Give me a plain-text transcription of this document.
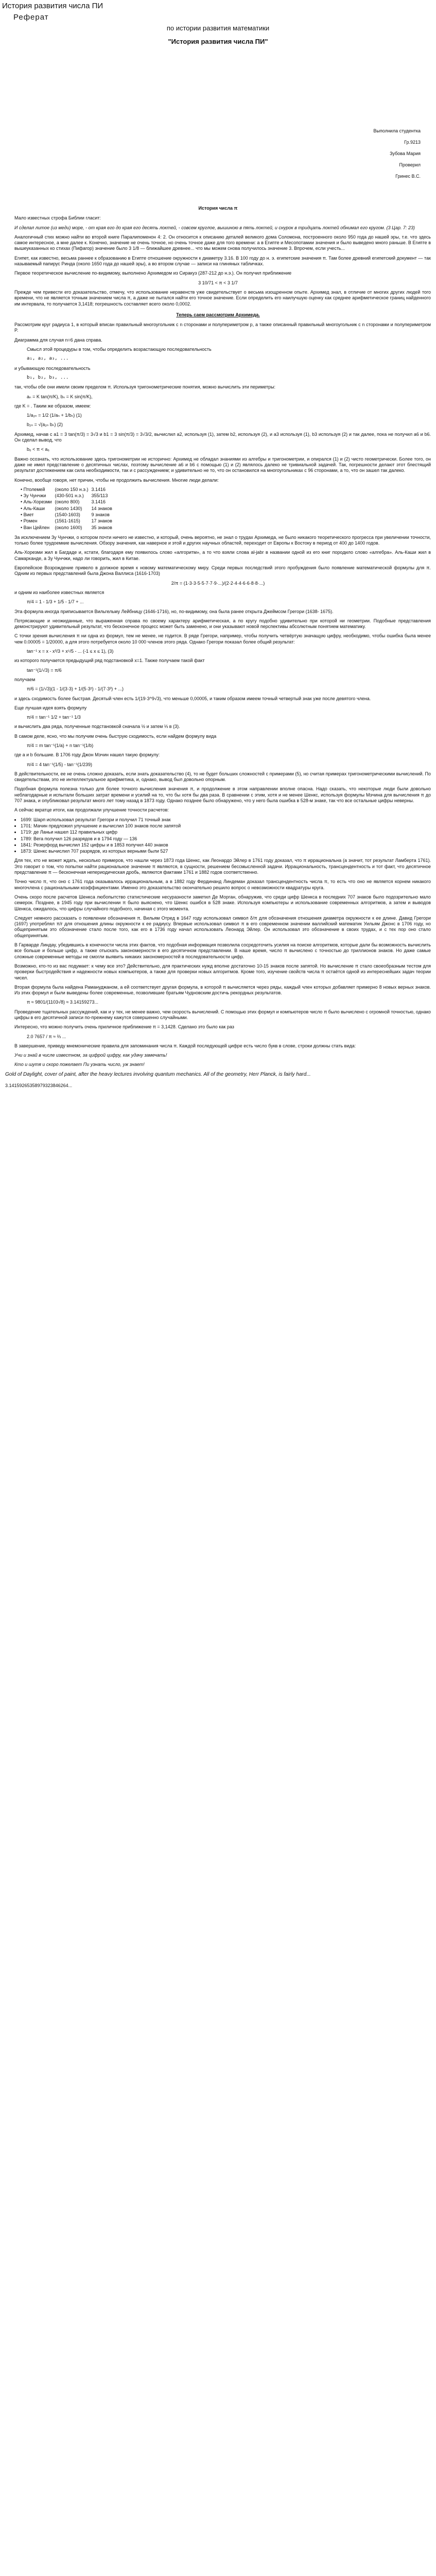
История развития числа ПИ
Реферат
по истории развития математики
"История развития числа ПИ"
Выполнила студентка
Гр.9213
Зубова Мария
Проверил
Гринес В.С.
История числа π

Мало известных строфа Библии гласит:

И сделал литое (из меди) море, - от края его до края его десять локтей, - совсем круглое, вышиною в пять локтей, и снурок в тридцать локтей обнимал его кругом. (3 Цар. 7: 23)

Аналогичный стих можно найти во второй книге Паралипоменон 4: 2. Он относится к описанию деталей великого дома Соломона, построенного около 950 года до нашей эры, т.е. что здесь самое интересное, а мне далее к. Конечно, значение не очень точное, но очень точное даже для того времени: а в Египте и Месопотамии значения и было выведено много раньше. В Египте в вышеуказанных ко стихах (Пифагор) значение было 3 1/8 — ближайшее древнее... что мы можем снова получилось значение 3. Впрочем, если учесть...

Египет, как известно, весьма раннее к образованию в Египте отношение окружности к диаметру 3.16. В 100 году до н. э. египетские значения π. Там более древний египетский документ — так называемый папирус Ринда (около 1650 года до нашей эры), а во втором случае — записи на глиняных табличках.

Первое теоретическое вычисление по-видимому, выполнено Архимедом из Сиракуз (287-212 до н.э.). Он получил приближение

3 10/71 < π < 3 1/7

Прежде чем привести его доказательство, отмечу, что использование неравенств уже свидетельствует о весьма изощренном опыте. Архимед знал, в отличие от многих других людей того времени, что не является точным значением числа π, а даже не пытался найти его точное значение. Если определить его наилучшую оценку как среднее арифметическое границ найденного им интервала, то получается 3,1418; погрешность составляет всего около 0,0002.

Теперь саем рассмотрим Архимеда.

Рассмотрим круг радиуса 1, в который вписан правильный многоугольник с n сторонами и полупериметром p, а также описанный правильный многоугольник с n сторонами и полупериметром P.

Диаграмма для случая n=6 дана справа.

Смысл этой процедуры в том, чтобы определить возрастающую последовательность

a₁, a₂, a₃, ...

и убывающую последовательность

b₁, b₂, b₃, ...

так, чтобы обе они имели своим пределом π. Используя тригонометрические понятия, можно вычислить эти периметры:

aₙ = K tan(π/K), bₙ = K sin(π/K),

где K = . Таким же образом, имеем:

1/a₂ₙ = 1/2 (1/aₙ + 1/bₙ) (1)

b₂ₙ = √(a₂ₙ bₙ) (2)

Архимед, начав с a1 = 3 tan(π/3) = 3√3 и b1 = 3 sin(π/3) = 3√3/2, вычислил a2, используя (1), затем b2, используя (2), и a3 используя (1), b3 используя (2) и так далее, пока не получил a6 и b6. Он сделал вывод, что

b₆ < π < a₆

Важно осознать, что использование здесь тригонометрии не исторично: Архимед не обладал знаниями из алгебры и тригонометрии, и опирался (1) и (2) чисто геометрически. Более того, он даже не имел представление о десятичных числах, поэтому вычисление a6 и b6 с помощью (1) и (2) являлось далеко не тривиальной задачей. Так, погрешности делают этот блестящий результат достижением как сила необходимости, так и с рассуждением; и удивительно не то, что он остановился на многоугольниках с 96 сторонами, а то, что он зашел так далеко.

Конечно, вообще говоря, нет причин, чтобы не продолжить вычисления. Многие люди делали:

• Птолемей	(около 150 н.э.)	3.1416
• Зу Чунчжи	(430-501 н.э.)	355/113
• Аль-Хорезми	(около 800)	3.1416
• Аль-Каши	(около 1430)	14 знаков
• Виет	(1540-1603)	9 знаков
• Ромен	(1561-1615)	17 знаков
• Ван Цейлен	(около 1600)	35 знаков

За исключением Зу Чунчжи, о котором почти ничего не известно, и который, очень вероятно, не знал о трудах Архимеда, не было никакого теоретического прогресса при увеличении точности, только более трудоемкие вычисления. Обзору значения, как наверное и этой и других научных областей, переходит от Европы к Востоку в период от 400 до 1400 годов.

Аль-Хорезми жил в Багдаде и, кстати, благодаря ему появилось слово «алгоритм», а то что взяли слова al-jabr в названии одной из его книг породило слово «алгебра». Аль-Каши жил в Самарканде, а Зу Чунчжи, надо ли говорить, жил в Китае.

Европейское Возрождение привело в должное время к новому математическому миру. Среди первых последствий этого пробуждения было появление математической формулы для π. Одним из первых представлений была Джона Валлиса (1616-1703)

2/π = (1·3·3·5·5·7·7·9·...)/(2·2·4·4·6·6·8·8·...)

и одним из наиболее известных является

π/4 = 1 - 1/3 + 1/5 - 1/7 + ...

Эта формула иногда приписывается Вильгельму Лейбницу (1646-1716), но, по-видимому, она была ранее открыта Джеймсом Грегори (1638- 1675).

Потрясающие и неожиданные, что выраженная справа по своему характеру арифметическая, а по кругу подобно удивительно при которой ни геометрии. Подобные представления демонстрируют удивительный результат, что бесконечное процесс может быть заменено, и они указывают новой перспективы абсолютным понятием математику.

С точки зрения вычисления π ни одна из формул, тем не менее, не годится. В ряде Грегори, например, чтобы получить четвёртую значащую цифру, необходимо, чтобы ошибка была менее чем 0.00005 = 1/20000, а для этого потребуется около 10 000 членов этого ряда. Однако Грегори показал более общий результат:

tan⁻¹ x = x - x³/3 + x⁵/5 - ... (-1 ≤ x ≤ 1), (3)

из которого получается предыдущий ряд подстановкой x=1. Также получаем такой факт

tan⁻¹(1/√3) = π/6

получаем

π/6 = (1/√3)(1 - 1/(3·3) + 1/(5·3²) - 1/(7·3³) + ...)

и здесь сходимость более быстрая. Десятый член есть 1/(19·3^9√3), что меньше 0,00005, и таким образом имеем точный четвертый знак уже после девятого члена.

Еще лучшая идея взять формулу

π/4 = tan⁻¹ 1/2 + tan⁻¹ 1/3

и вычислить два ряда, полученные подстановкой сначала ½ и затем ⅓ в (3).

В самом деле, ясно, что мы получим очень быструю сходимость, если найдем формулу вида

π/4 = m tan⁻¹(1/a) + n tan⁻¹(1/b)

где a и b большие. В 1706 году Джон Мэчин нашел такую формулу:

π/4 = 4 tan⁻¹(1/5) - tan⁻¹(1/239)

В действительности, ее не очень сложно доказать, если знать доказательство (4), то не будет больших сложностей с примерами (5), но считая примерах тригонометрическими вычислений. По свидетельствам, это не интеллектуальное арифметика, и, однако, вывод был довольно опорным.

Подобная формула полезна только для более точного вычисления значения π, и продолжение в этом направлении вполне опасна. Надо сказать, что некоторые люди были довольно неблагодарные и испытали больших затрат времени и усилий на то, что бы хотя бы два раза. В сравнении с этим, хотя и не менее Шенкс, используя формулы Мэчина для вычисления π до 707 знака, и опубликовал результат много лет тому назад в 1873 году. Однако позднее было обнаружено, что у него была ошибка в 528-м знаке, так что все остальные цифры неверны.

А сейчас вкратце итоги, как продолжали улучшение точности расчетов:

• 1699: Шарп использовал результат Грегори и получил 71 точный знак
• 1701: Мачин предложил улучшение и вычислил 100 знаков после запятой
• 1719: де Ланьи нашел 112 правильных цифр
• 1789: Вега получил 126 разрядов и в 1794 году — 136
• 1841: Резерфорд вычислил 152 цифры и в 1853 получил 440 знаков
• 1873: Шенкс вычислил 707 разрядов, из которых верными были 527

Для тех, кто не может ждать, несколько примеров, что нашли через 1873 года Шенкс, как Леонардо Эйлер в 1761 году доказал, что π иррациональна (а значит, тот результат Ламберта 1761). Это говорит о том, что попытки найти рациональное значение π являются, в сущности, решением бессмысленной задачи. Иррациональность, трансцендентность и тот факт, что десятичное представление π — бесконечная непериодическая дробь, являются фактами 1761 и 1882 годов соответственно.

Точно число π, что оно с 1761 года оказывалось иррациональным, а в 1882 году Фердинанд Линдеман доказал трансцендентность числа π, то есть что оно не является корнем никакого многочлена с рациональными коэффициентами. Именно это доказательство окончательно решило вопрос о невозможности квадратуры круга.

Очень скоро после расчетов Шенкса любопытство статистические несуразности заметил Де Морган, обнаружив, что среди цифр Шенкса в последних 707 знаков было подозрительно мало семерок. Позднее, в 1945 году при вычислении π было выяснено, что Шенкс ошибся в 528 знаке. Используя компьютеры и использование современных алгоритмов, а затем и выводов Шенкса, ожидалось, что цифры случайного подобного, начиная с этого момента.

Следует немного рассказать о появлении обозначения π. Вильям Отред в 1647 году использовал символ δ/π для обозначения отношения диаметра окружности к ее длине. Давид Грегори (1697) употреблял π/r для отношения длины окружности к ее радиусу. Впервые использовал символ π в его современном значении валлийский математик Уильям Джонс в 1706 году, но общепринятым это обозначение стало после того, как его в 1736 году начал использовать Леонард Эйлер. Он использовал это обозначение в своих трудах, и с тех пор оно стало общепринятым.

В Гарварде Линдау, убедившись в конечности числа этих фактов, что подобная информация позволила сосредоточить усилия на поиске алгоритмов, которые дали бы возможность вычислить все больше и больше цифр, а также отыскать закономерности в его десятичном представлении. В наше время, число π вычислено с точностью до триллионов знаков. Но даже самые сложные современные методы не смогли выявить никаких закономерностей в последовательности цифр.

Возможно, кто-то из вас подумает: к чему все это? Действительно, для практических нужд вполне достаточно 10-15 знаков после запятой. Но вычисление π стало своеобразным тестом для проверки быстродействия и надежности новых компьютеров, а также для проверки новых алгоритмов. Кроме того, изучение свойств числа π остаётся одной из интереснейших задач теории чисел.

Вторая формула была найдена Рамануджаном, а ей соответствует другая формула, в которой π вычисляется через ряды, каждый член которых добавляет примерно 8 новых верных знаков. Из этих формул и были выведены более современные, позволившие братьям Чудновским достичь рекордных результатов.

π ≈ 9801/(1103√8) ≈ 3.14159273...

Проведение тщательных рассуждений, как и у тех, не менее важно, чем скорость вычислений. С помощью этих формул и компьютеров число π было вычислено с огромной точностью, однако цифры в его десятичной записи по-прежнему кажутся совершенно случайными.

Интересно, что можно получить очень приличное приближение π = 3,1428. Сделано это было как раз

2.0 7657 / π ≈ ⅔ ...

В завершение, приведу мнемонические правила для запоминания числа π. Каждой последующей цифре есть число букв в слове, строки должны стать вида:

Учи и знай в числе известном, за цифрой цифру, как удачу замечать!

Кто и шутя и скоро пожелает Пи узнать число, уж знает!

Gold of Daylight, cover of paint, after the heavy lectures involving quantum mechanics. All of the geometry, Herr Planck, is fairly hard...

3.14159265358979323846264...
